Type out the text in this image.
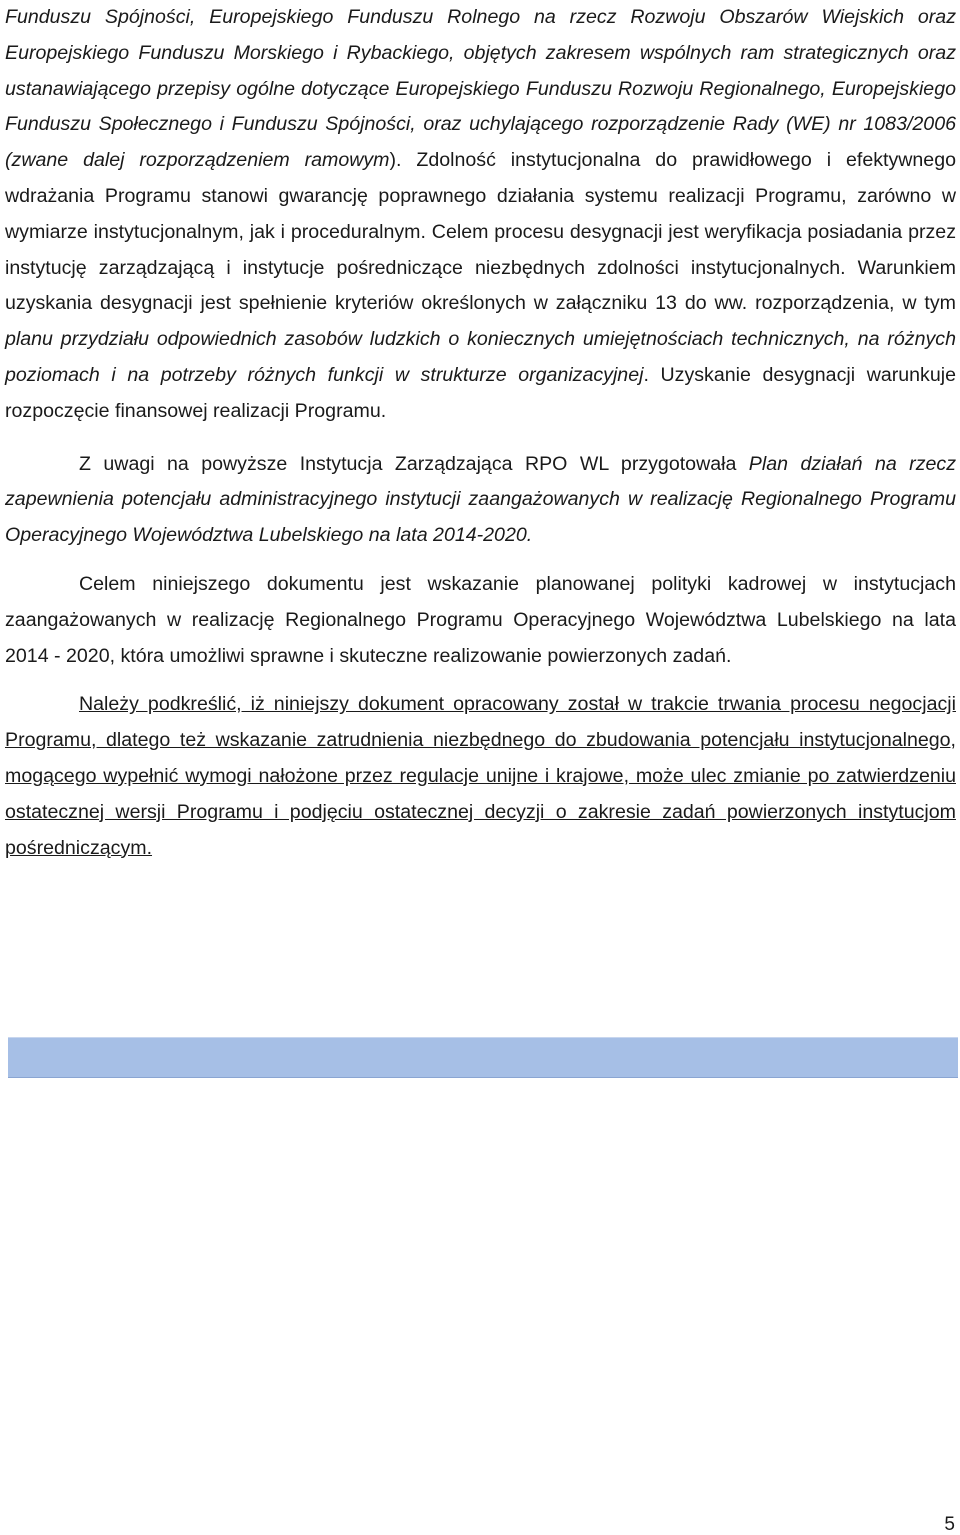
Funduszu Spójności, Europejskiego Funduszu Rolnego na rzecz Rozwoju Obszarów Wiejskich oraz Europejskiego Funduszu Morskiego i Rybackiego, objętych zakresem wspólnych ram strategicznych oraz ustanawiającego przepisy ogólne dotyczące Europejskiego Funduszu Rozwoju Regionalnego, Europejskiego Funduszu Społecznego i Funduszu Spójności, oraz uchylającego rozporządzenie Rady (WE) nr 1083/2006 (zwane dalej rozporządzeniem ramowym). Zdolność instytucjonalna do prawidłowego i efektywnego wdrażania Programu stanowi gwarancję poprawnego działania systemu realizacji Programu, zarówno w wymiarze instytucjonalnym, jak i proceduralnym. Celem procesu desygnacji jest weryfikacja posiadania przez instytucję zarządzającą i instytucje pośredniczące niezbędnych zdolności instytucjonalnych. Warunkiem uzyskania desygnacji jest spełnienie kryteriów określonych w załączniku 13 do ww. rozporządzenia, w tym planu przydziału odpowiednich zasobów ludzkich o koniecznych umiejętnościach technicznych, na różnych poziomach i na potrzeby różnych funkcji w strukturze organizacyjnej. Uzyskanie desygnacji warunkuje rozpoczęcie finansowej realizacji Programu.

Z uwagi na powyższe Instytucja Zarządzająca RPO WL przygotowała Plan działań na rzecz zapewnienia potencjału administracyjnego instytucji zaangażowanych w realizację Regionalnego Programu Operacyjnego Województwa Lubelskiego na lata 2014-2020.

Celem niniejszego dokumentu jest wskazanie planowanej polityki kadrowej w instytucjach zaangażowanych w realizację Regionalnego Programu Operacyjnego Województwa Lubelskiego na lata 2014 - 2020, która umożliwi sprawne i skuteczne realizowanie powierzonych zadań.

Należy podkreślić, iż niniejszy dokument opracowany został w trakcie trwania procesu negocjacji Programu, dlatego też wskazanie zatrudnienia niezbędnego do zbudowania potencjału instytucjonalnego, mogącego wypełnić wymogi nałożone przez regulacje unijne i krajowe, może ulec zmianie po zatwierdzeniu ostatecznej wersji Programu i podjęciu ostatecznej decyzji o zakresie zadań powierzonych instytucjom pośredniczącym.

5
